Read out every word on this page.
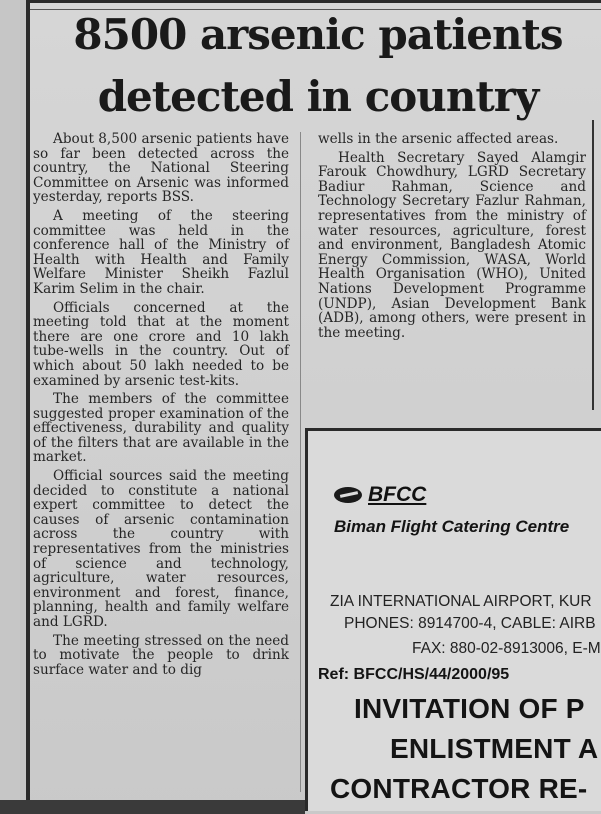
8500 arsenic patients
detected in country

About 8,500 arsenic patients have so far been detected across the country, the National Steering Committee on Arsenic was informed yesterday, reports BSS.

A meeting of the steering committee was held in the conference hall of the Ministry of Health with Health and Family Welfare Minister Sheikh Fazlul Karim Selim in the chair.

Officials concerned at the meeting told that at the moment there are one crore and 10 lakh tube-wells in the country. Out of which about 50 lakh needed to be examined by arsenic test-kits.

The members of the committee suggested proper examination of the effectiveness, durability and quality of the filters that are available in the market.

Official sources said the meeting decided to constitute a national expert committee to detect the causes of arsenic contamination across the country with representatives from the ministries of science and technology, agriculture, water resources, environment and forest, finance, planning, health and family welfare and LGRD.

The meeting stressed on the need to motivate the people to drink surface water and to dig

wells in the arsenic affected areas.

Health Secretary Sayed Alamgir Farouk Chowdhury, LGRD Secretary Badiur Rahman, Science and Technology Secretary Fazlur Rahman, representatives from the ministry of water resources, agriculture, forest and environment, Bangladesh Atomic Energy Commission, WASA, World Health Organisation (WHO), United Nations Development Programme (UNDP), Asian Development Bank (ADB), among others, were present in the meeting.

BFCC
Biman Flight Catering Centre
ZIA INTERNATIONAL AIRPORT, KUR
PHONES: 8914700-4, CABLE: AIRB
FAX: 880-02-8913006, E-M
Ref: BFCC/HS/44/2000/95
INVITATION OF P
ENLISTMENT A
CONTRACTOR RE-
